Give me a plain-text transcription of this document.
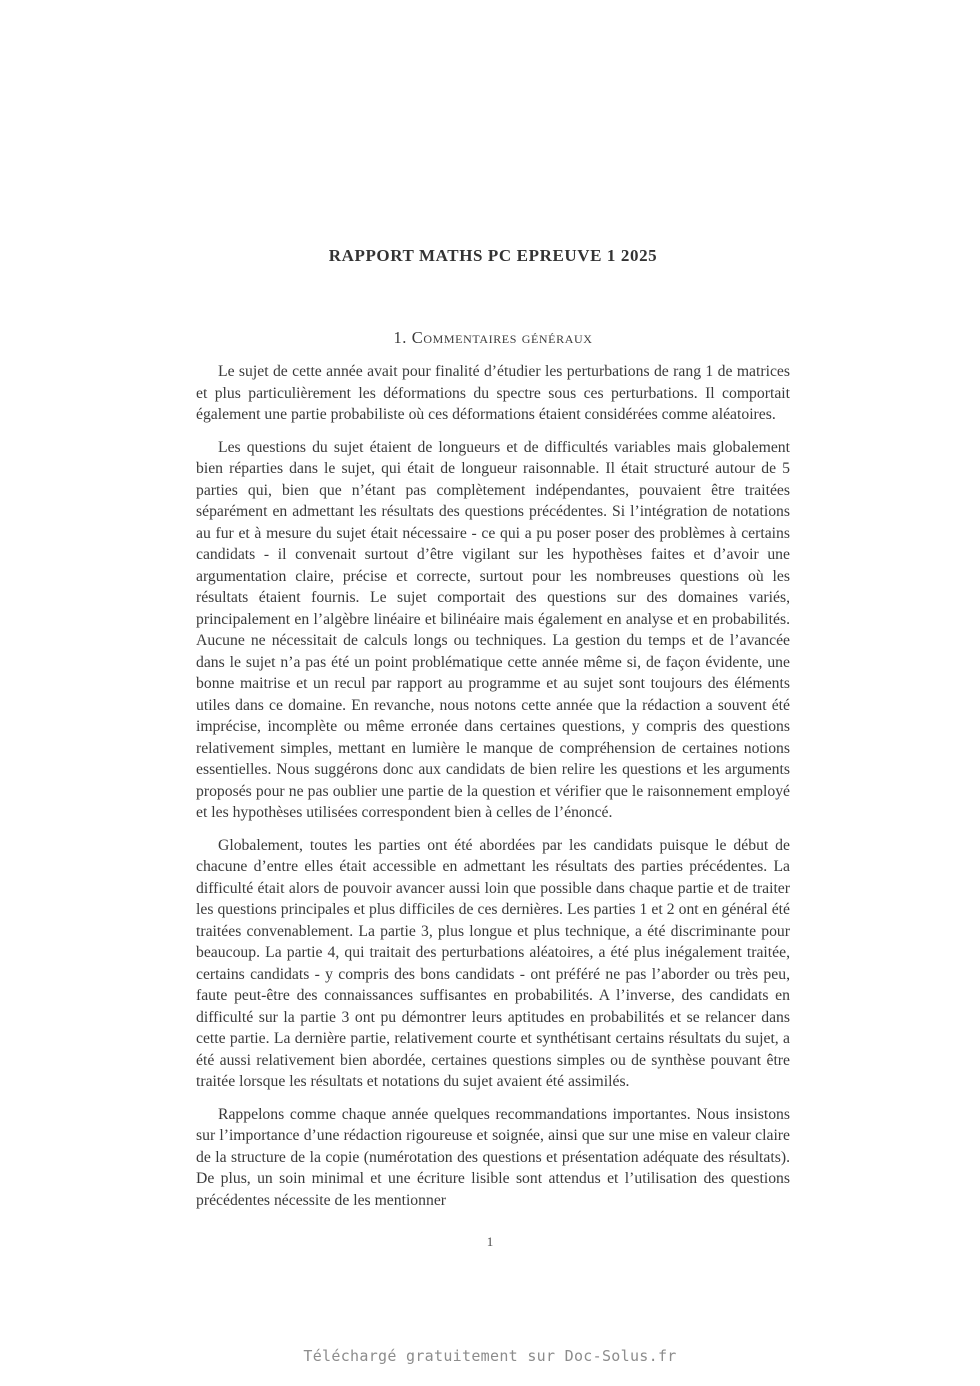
RAPPORT MATHS PC EPREUVE 1 2025
1. Commentaires généraux

Le sujet de cette année avait pour finalité d’étudier les perturbations de rang 1 de matrices et plus particulièrement les déformations du spectre sous ces perturbations. Il comportait également une partie probabiliste où ces déformations étaient considérées comme aléatoires.

Les questions du sujet étaient de longueurs et de difficultés variables mais globalement bien réparties dans le sujet, qui était de longueur raisonnable. Il était structuré autour de 5 parties qui, bien que n’étant pas complètement indépendantes, pouvaient être traitées séparément en admettant les résultats des questions précédentes. Si l’intégration de notations au fur et à mesure du sujet était nécessaire - ce qui a pu poser poser des problèmes à certains candidats - il convenait surtout d’être vigilant sur les hypothèses faites et d’avoir une argumentation claire, précise et correcte, surtout pour les nombreuses questions où les résultats étaient fournis. Le sujet comportait des questions sur des domaines variés, principalement en l’algèbre linéaire et bilinéaire mais également en analyse et en probabilités. Aucune ne nécessitait de calculs longs ou techniques. La gestion du temps et de l’avancée dans le sujet n’a pas été un point problématique cette année même si, de façon évidente, une bonne maitrise et un recul par rapport au programme et au sujet sont toujours des éléments utiles dans ce domaine. En revanche, nous notons cette année que la rédaction a souvent été imprécise, incomplète ou même erronée dans certaines questions, y compris des questions relativement simples, mettant en lumière le manque de compréhension de certaines notions essentielles. Nous suggérons donc aux candidats de bien relire les questions et les arguments proposés pour ne pas oublier une partie de la question et vérifier que le raisonnement employé et les hypothèses utilisées correspondent bien à celles de l’énoncé.

Globalement, toutes les parties ont été abordées par les candidats puisque le début de chacune d’entre elles était accessible en admettant les résultats des parties précédentes. La difficulté était alors de pouvoir avancer aussi loin que possible dans chaque partie et de traiter les questions principales et plus difficiles de ces dernières. Les parties 1 et 2 ont en général été traitées convenablement. La partie 3, plus longue et plus technique, a été discriminante pour beaucoup. La partie 4, qui traitait des perturbations aléatoires, a été plus inégalement traitée, certains candidats - y compris des bons candidats - ont préféré ne pas l’aborder ou très peu, faute peut-être des connaissances suffisantes en probabilités. A l’inverse, des candidats en difficulté sur la partie 3 ont pu démontrer leurs aptitudes en probabilités et se relancer dans cette partie. La dernière partie, relativement courte et synthétisant certains résultats du sujet, a été aussi relativement bien abordée, certaines questions simples ou de synthèse pouvant être traitée lorsque les résultats et notations du sujet avaient été assimilés.

Rappelons comme chaque année quelques recommandations importantes. Nous insistons sur l’importance d’une rédaction rigoureuse et soignée, ainsi que sur une mise en valeur claire de la structure de la copie (numérotation des questions et présentation adéquate des résultats). De plus, un soin minimal et une écriture lisible sont attendus et l’utilisation des questions précédentes nécessite de les mentionner

1
Téléchargé gratuitement sur Doc-Solus.fr
